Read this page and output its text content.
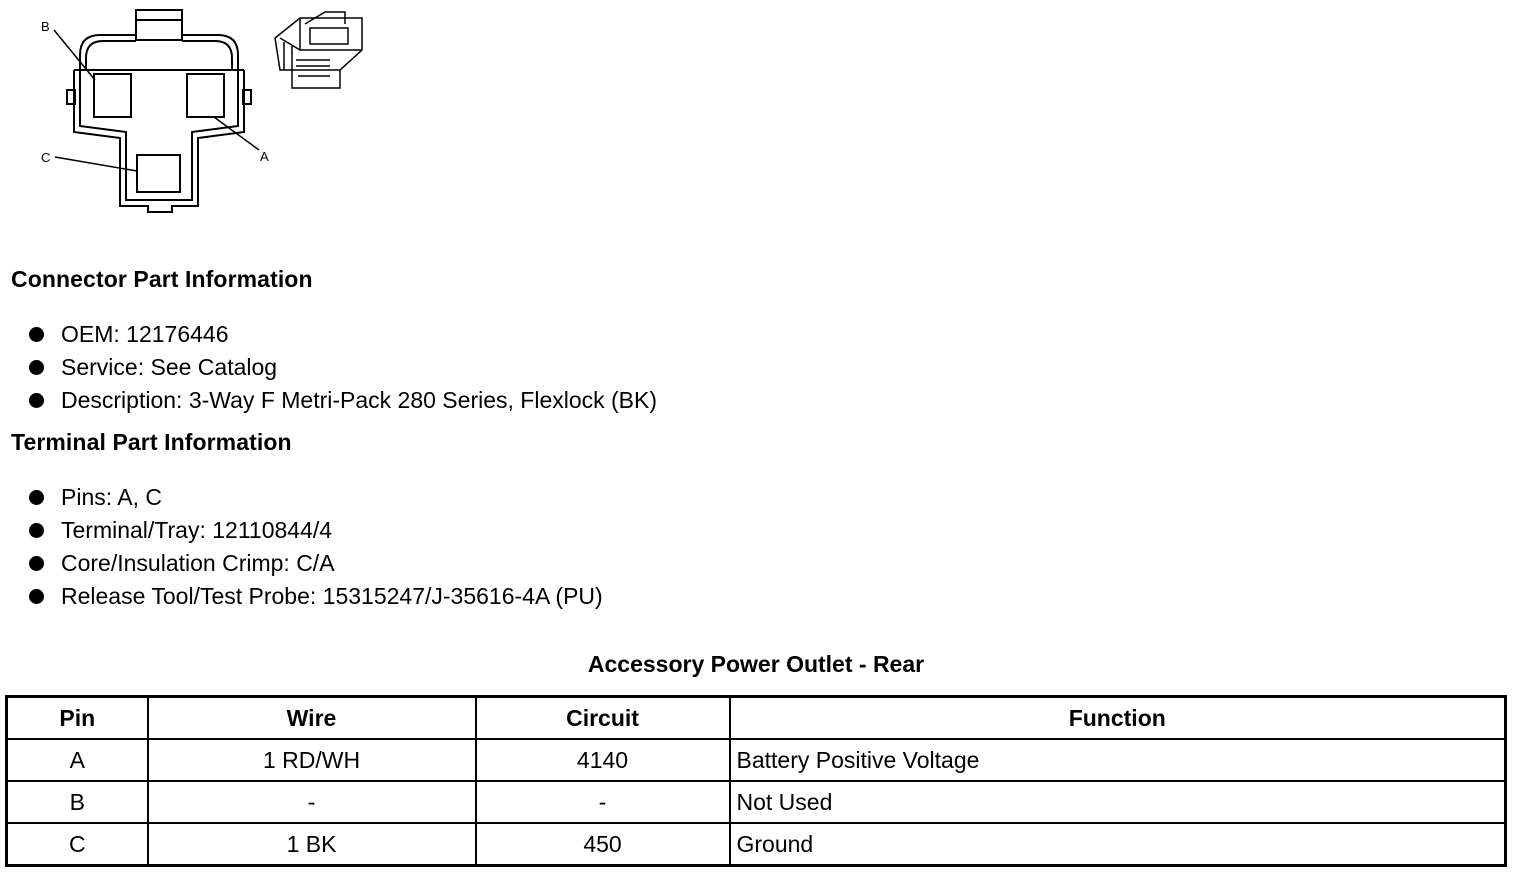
B
A
C
Connector Part Information
OEM: 12176446
Service: See Catalog
Description: 3-Way F Metri-Pack 280 Series, Flexlock (BK)
Terminal Part Information
Pins: A, C
Terminal/Tray: 12110844/4
Core/Insulation Crimp: C/A
Release Tool/Test Probe: 15315247/J-35616-4A (PU)
Accessory Power Outlet - Rear
Pin	Wire	Circuit	Function
A	1 RD/WH	4140	Battery Positive Voltage
B	-	-	Not Used
C	1 BK	450	Ground
